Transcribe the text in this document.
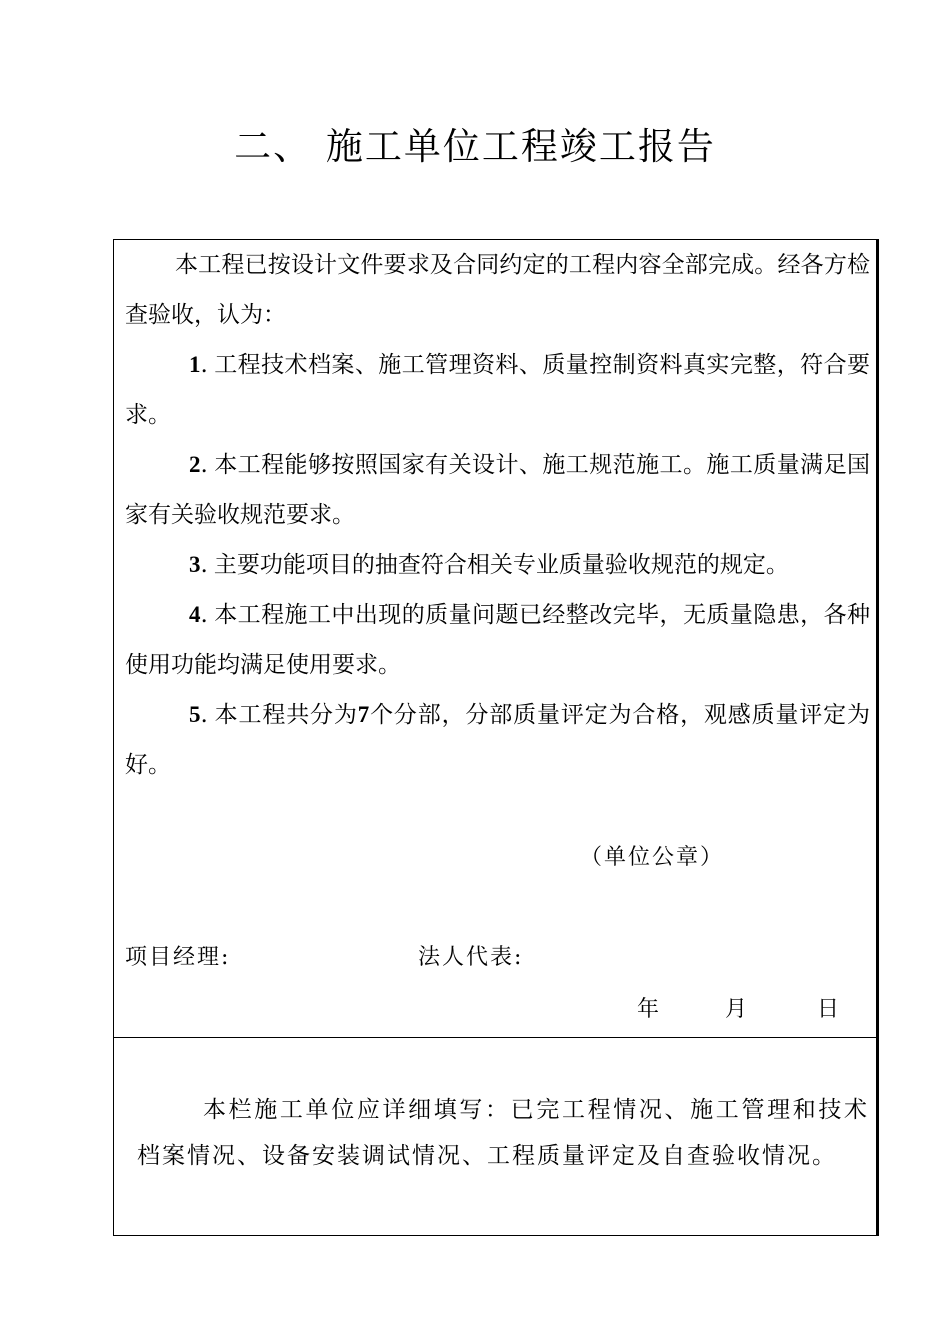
二、 施工单位工程竣工报告

本工程已按设计文件要求及合同约定的工程内容全部完成。经各方检查验收，认为：

1. 工程技术档案、施工管理资料、质量控制资料真实完整，符合要求。

2. 本工程能够按照国家有关设计、施工规范施工。施工质量满足国家有关验收规范要求。

3. 主要功能项目的抽查符合相关专业质量验收规范的规定。

4. 本工程施工中出现的质量问题已经整改完毕，无质量隐患，各种使用功能均满足使用要求。

5. 本工程共分为7个分部，分部质量评定为合格，观感质量评定为好。

（单位公章）
项目经理:	法人代表:
年	月	日

本栏施工单位应详细填写：已完工程情况、施工管理和技术档案情况、设备安装调试情况、工程质量评定及自查验收情况。
